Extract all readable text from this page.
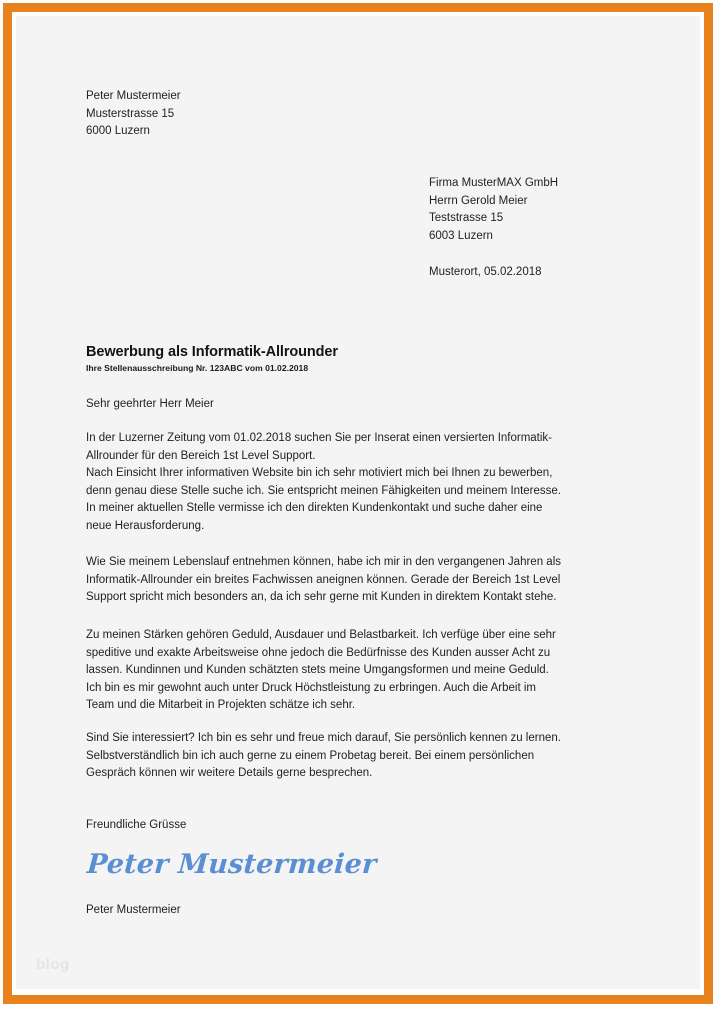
Peter Mustermeier
Musterstrasse 15
6000 Luzern
Firma MusterMAX GmbH
Herrn Gerold Meier
Teststrasse 15
6003 Luzern
Musterort, 05.02.2018
Bewerbung als Informatik-Allrounder
Ihre Stellenausschreibung Nr. 123ABC vom 01.02.2018
Sehr geehrter Herr Meier

In der Luzerner Zeitung vom 01.02.2018 suchen Sie per Inserat einen versierten Informatik-

Allrounder für den Bereich 1st Level Support.

Nach Einsicht Ihrer informativen Website bin ich sehr motiviert mich bei Ihnen zu bewerben,

denn genau diese Stelle suche ich. Sie entspricht meinen Fähigkeiten und meinem Interesse.

In meiner aktuellen Stelle vermisse ich den direkten Kundenkontakt und suche daher eine

neue Herausforderung.

Wie Sie meinem Lebenslauf entnehmen können, habe ich mir in den vergangenen Jahren als

Informatik-Allrounder ein breites Fachwissen aneignen können. Gerade der Bereich 1st Level

Support spricht mich besonders an, da ich sehr gerne mit Kunden in direktem Kontakt stehe.

Zu meinen Stärken gehören Geduld, Ausdauer und Belastbarkeit. Ich verfüge über eine sehr

speditive und exakte Arbeitsweise ohne jedoch die Bedürfnisse des Kunden ausser Acht zu

lassen. Kundinnen und Kunden schätzten stets meine Umgangsformen und meine Geduld.

Ich bin es mir gewohnt auch unter Druck Höchstleistung zu erbringen. Auch die Arbeit im

Team und die Mitarbeit in Projekten schätze ich sehr.

Sind Sie interessiert? Ich bin es sehr und freue mich darauf, Sie persönlich kennen zu lernen.

Selbstverständlich bin ich auch gerne zu einem Probetag bereit. Bei einem persönlichen

Gespräch können wir weitere Details gerne besprechen.

Freundliche Grüsse
Peter Mustermeier
Peter Mustermeier
blog
